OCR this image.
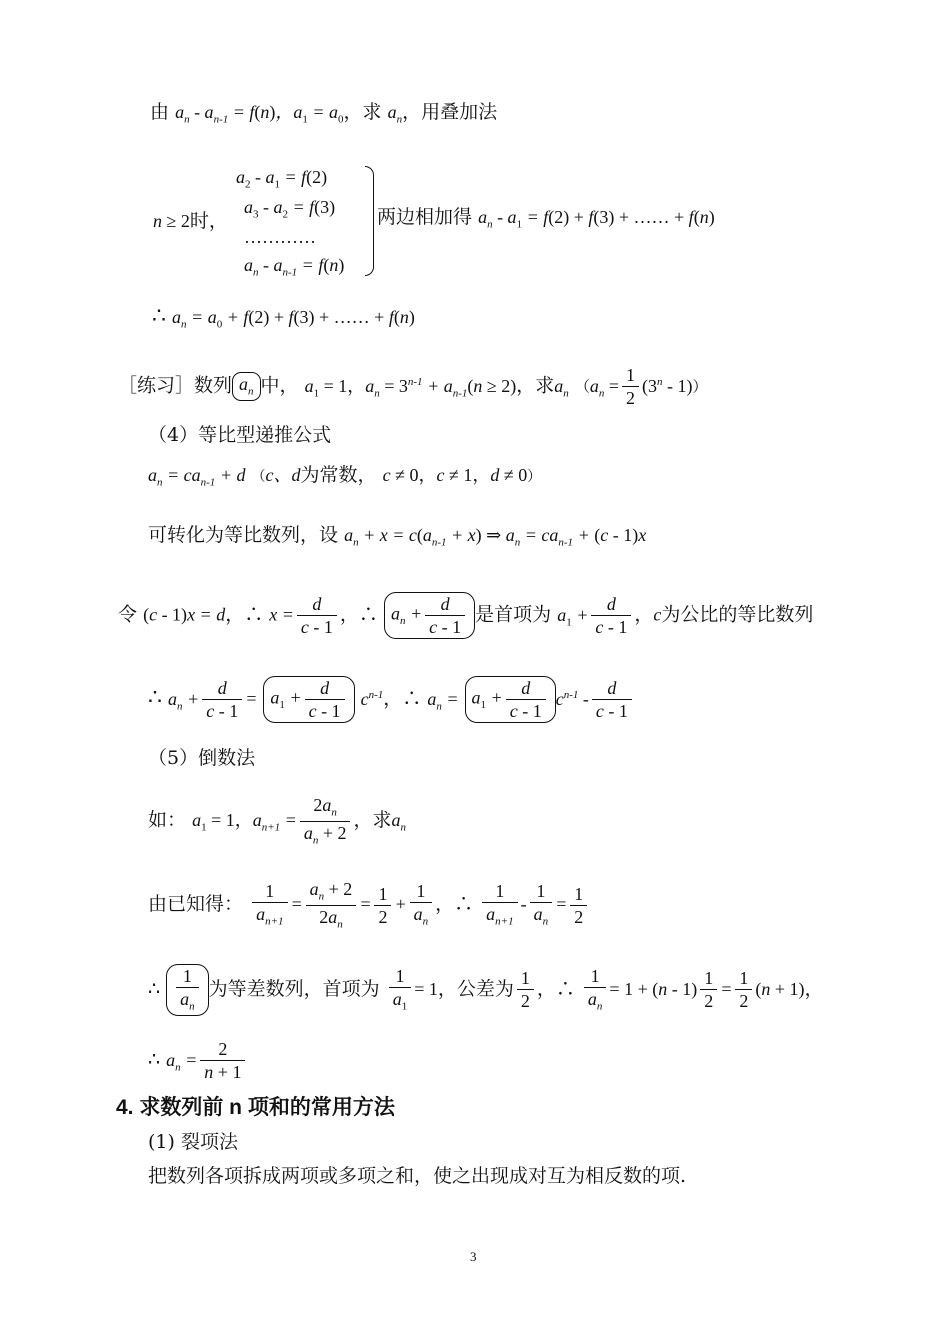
由 $a_n - a_{n-1} = f(n)$，$a_1 = a_0$，求 $a_n$，用叠加法
n ≥ 2时，
$a_2 - a_1 = f(2)$
$a_3 - a_2 = f(3)$
…………
$a_n - a_{n-1} = f(n)$
两边相加得 $a_n - a_1 = f(2) + f(3)$ + …… + f(n)
∴ $a_n = a_0 + f(2) + f(3)$ + …… + f(n)
［练习］数列 $a_n$ 中， $a_1 = 1$，$a_n = 3^{n-1} + a_{n-1}(n \ge 2)$，求$a_n$ $(a_n = \frac{1}{2} (3^n - 1))$
（4）等比型递推公式
$a_n = ca_{n-1} + d$ （c、d为常数， c ≠ 0，c ≠ 1，d ≠ 0）
可转化为等比数列，设 $a_n + x = c(a_{n-1} + x)$ ⇒ $a_n = ca_{n-1} + (c - 1)x$
令 (c - 1)x = d，∴ $x = \frac{d}{c - 1}$ ，∴ $a_n + \frac{d}{c - 1}$ 是首项为 $a_1 + \frac{d}{c - 1}$ ，c为公比的等比数列
∴ $a_n + \frac{d}{c - 1} = a_1 + \frac{d}{c - 1} c^{n-1}$，∴ $a_n = a_1 + \frac{d}{c - 1} c^{n-1} - \frac{d}{c - 1}$
（5）倒数法
如： $a_1 = 1$，$a_{n+1} = \frac{2a_n}{a_n + 2}$ ，求$a_n$
由已知得： $\frac{1}{a_{n+1}} = \frac{a_n + 2}{2a_n} = \frac{1}{2} + \frac{1}{a_n}$ ，∴ $\frac{1}{a_{n+1}} - \frac{1}{a_n} = \frac{1}{2}$
∴ $\frac{1}{a_n}$ 为等差数列，首项为 $\frac{1}{a_1} = 1$，公差为 $\frac{1}{2}$ ，∴ $\frac{1}{a_n} = 1 + (n - 1) \frac{1}{2} = \frac{1}{2} (n + 1)$，
∴ $a_n = \frac{2}{n + 1}$
4. 求数列前 n 项和的常用方法
(1) 裂项法
把数列各项拆成两项或多项之和，使之出现成对互为相反数的项.
3
